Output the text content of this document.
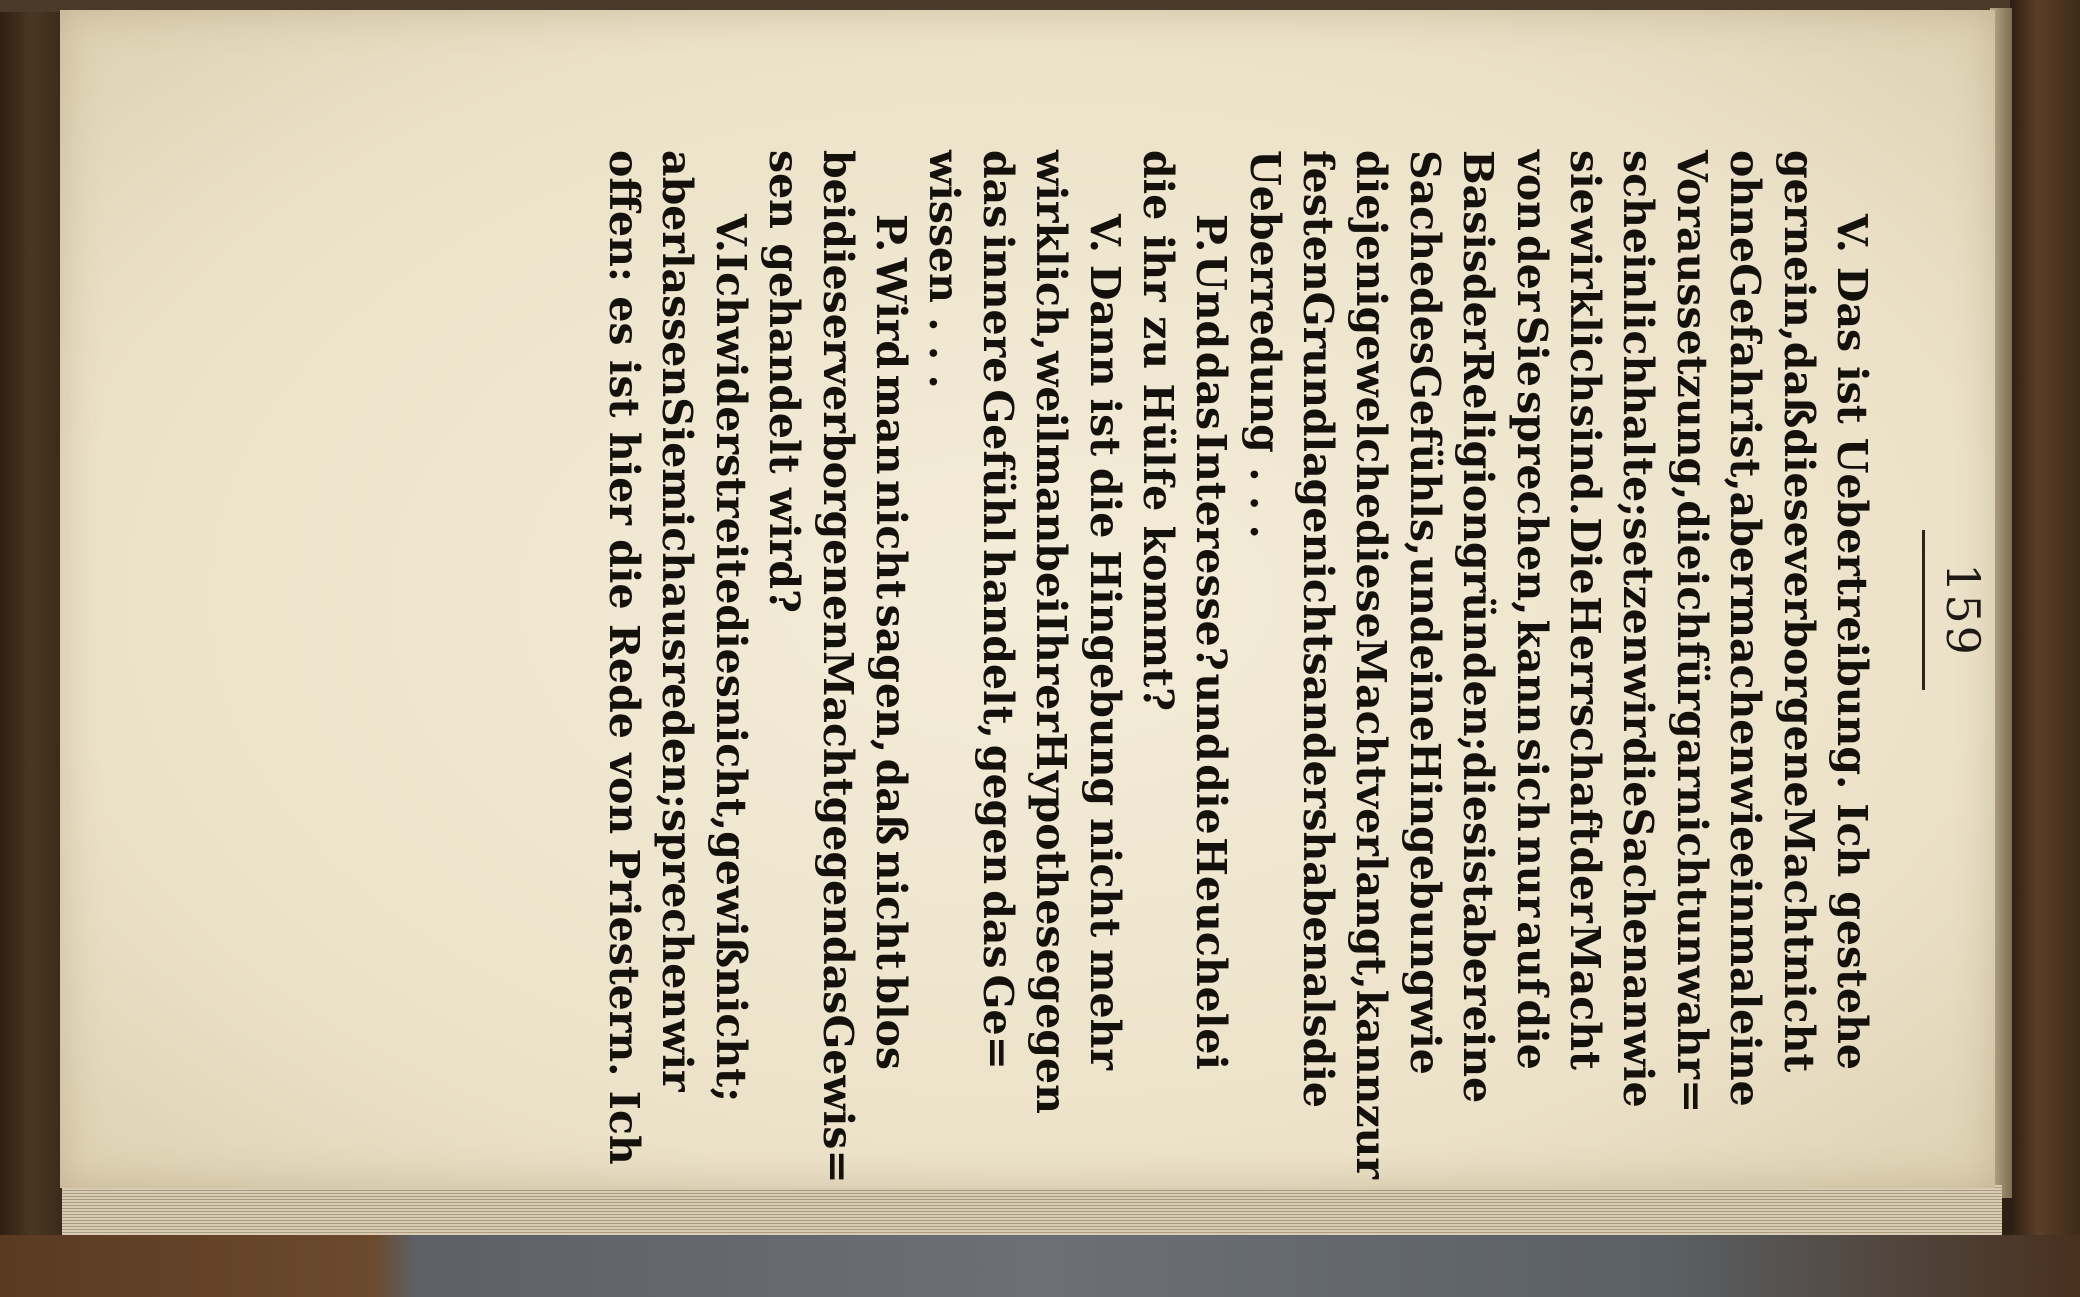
159
V.
Das
ist
Uebertreibung.
Ich
gestehe
gern
ein,
daß
diese
verborgene
Macht
nicht
ohne
Gefahr
ist,
aber
machen
wie
einmal
eine
Voraussetzung,
die
ich
für
gar
nicht
unwahr=
scheinlich
halte;
setzen
wir
die
Sachen
an
wie
sie
wirklich
sind.
Die
Herrschaft
der
Macht
von
der
Sie
sprechen,
kann
sich
nur
auf
die
Basis
der
Religion
gründen;
dies
ist
aber
eine
Sache
des
Gefühls,
und
eine
Hingebung
wie
diejenige
welche
diese
Macht
verlangt,
kann
zur
festen
Grundlage
nichts
anders
haben
als
die
Ueberredung
.
.
.
P.
Und
das
Interesse?
und
die
Heuchelei
die
ihr
zu
Hülfe
kommt?
V.
Dann
ist
die
Hingebung
nicht
mehr
wirklich,
weil
man
bei
Ihrer
Hypothese
gegen
das
innere
Gefühl
handelt,
gegen
das
Ge=
wissen
.
.
.
P.
Wird
man
nicht
sagen,
daß
nicht
blos
bei
dieser
verborgenen
Macht
gegen
das
Gewis=
sen
gehandelt
wird?
V.
Ich
widerstreite
dies
nicht,
gewiß
nicht;
aber
lassen
Sie
mich
ausreden;
sprechen
wir
offen:
es
ist
hier
die
Rede
von
Priestern.
Ich
